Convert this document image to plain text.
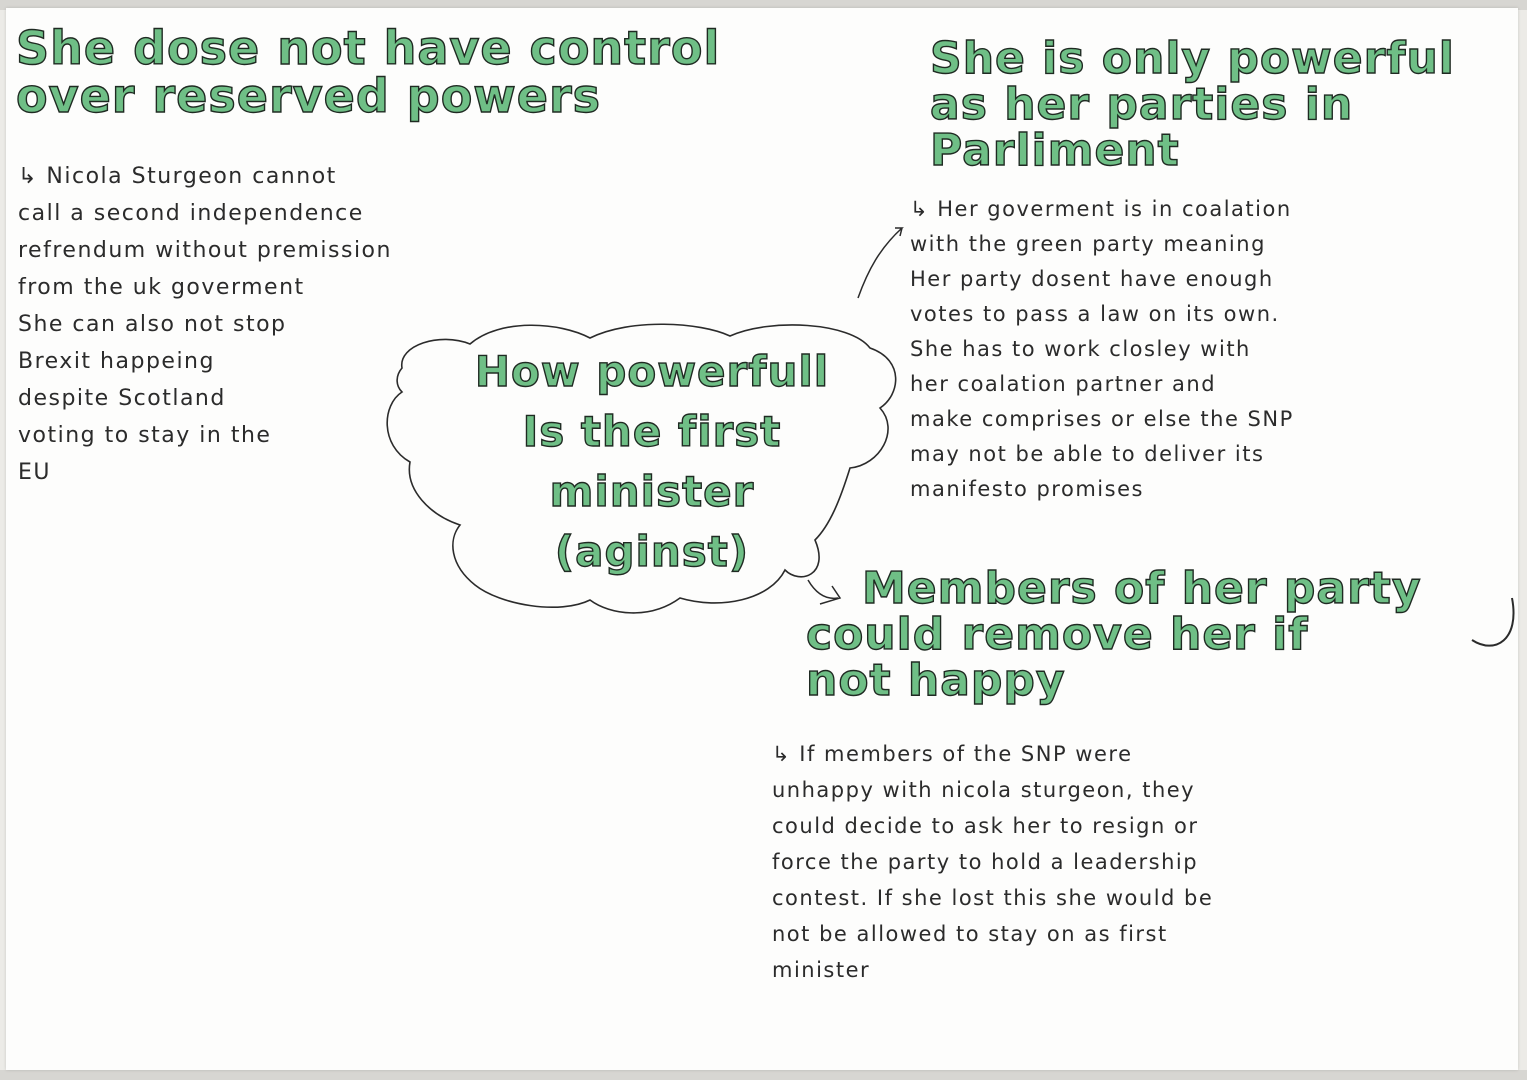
She dose not have control
over reserved powers
↳ Nicola Sturgeon cannot
call a second independence
refrendum without premission
from the uk goverment
She can also not stop
Brexit happeing
despite Scotland
voting to stay in the
EU
How powerfull
Is the first
minister
(aginst)
She is only powerful
as her parties in
Parliment
↳ Her goverment is in coalation
with the green party meaning
Her party dosent have enough
votes to pass a law on its own.
She has to work closley with
her coalation partner and
make comprises or else the SNP
may not be able to deliver its
manifesto promises
Members of her party
could remove her if
not happy
↳ If members of the SNP were
unhappy with nicola sturgeon, they
could decide to ask her to resign or
force the party to hold a leadership
contest. If she lost this she would be
not be allowed to stay on as first
minister
